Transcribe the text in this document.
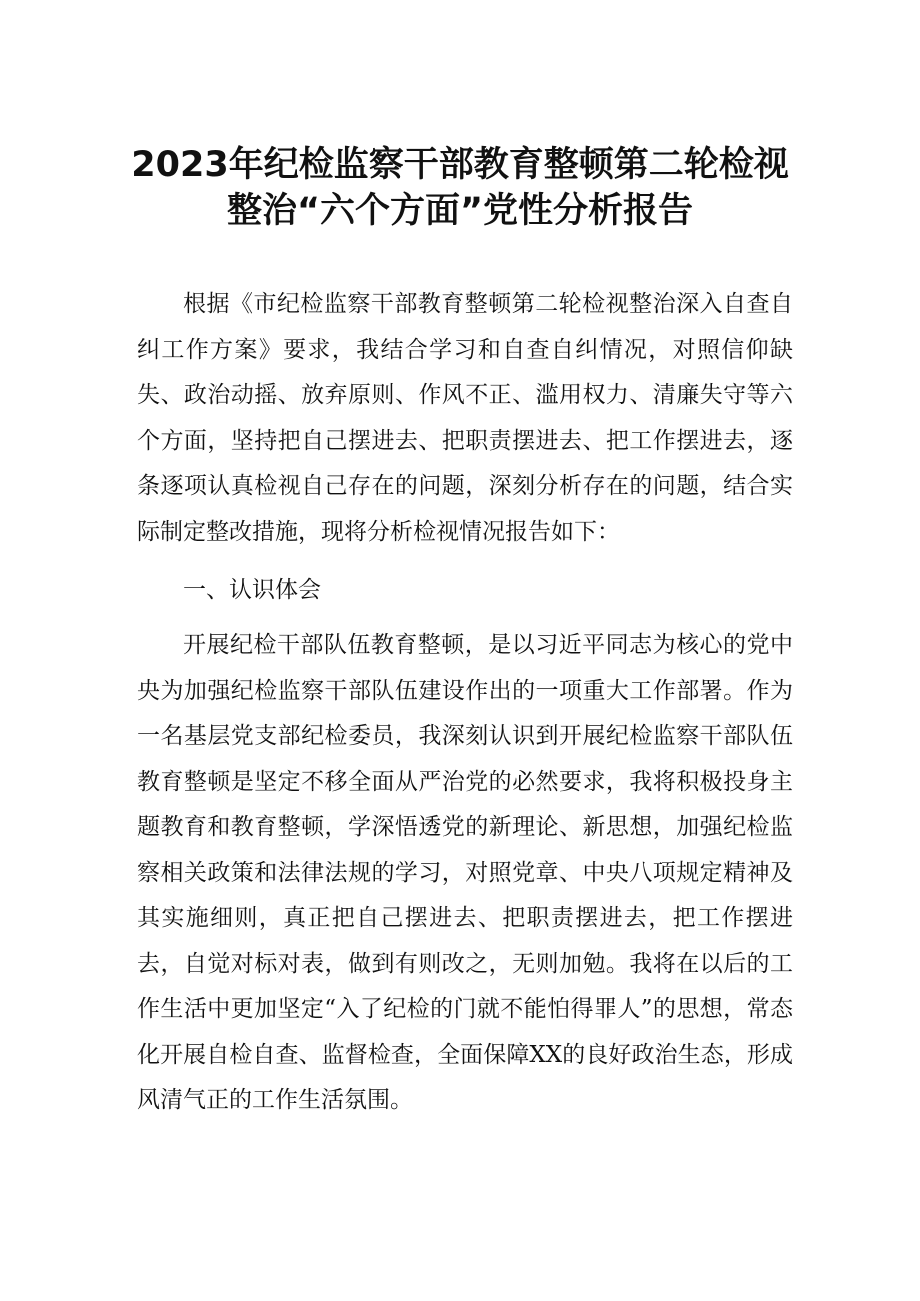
2023年纪检监察干部教育整顿第二轮检视
整治“六个方面”党性分析报告

根据《市纪检监察干部教育整顿第二轮检视整治深入自查自纠工作方案》要求，我结合学习和自查自纠情况，对照信仰缺失、政治动摇、放弃原则、作风不正、滥用权力、清廉失守等六个方面，坚持把自己摆进去、把职责摆进去、把工作摆进去，逐条逐项认真检视自己存在的问题，深刻分析存在的问题，结合实际制定整改措施，现将分析检视情况报告如下：

一、认识体会

开展纪检干部队伍教育整顿，是以习近平同志为核心的党中央为加强纪检监察干部队伍建设作出的一项重大工作部署。作为一名基层党支部纪检委员，我深刻认识到开展纪检监察干部队伍教育整顿是坚定不移全面从严治党的必然要求，我将积极投身主题教育和教育整顿，学深悟透党的新理论、新思想，加强纪检监察相关政策和法律法规的学习，对照党章、中央八项规定精神及其实施细则，真正把自己摆进去、把职责摆进去，把工作摆进去，自觉对标对表，做到有则改之，无则加勉。我将在以后的工作生活中更加坚定“入了纪检的门就不能怕得罪人”的思想，常态化开展自检自查、监督检查，全面保障XX的良好政治生态，形成风清气正的工作生活氛围。
